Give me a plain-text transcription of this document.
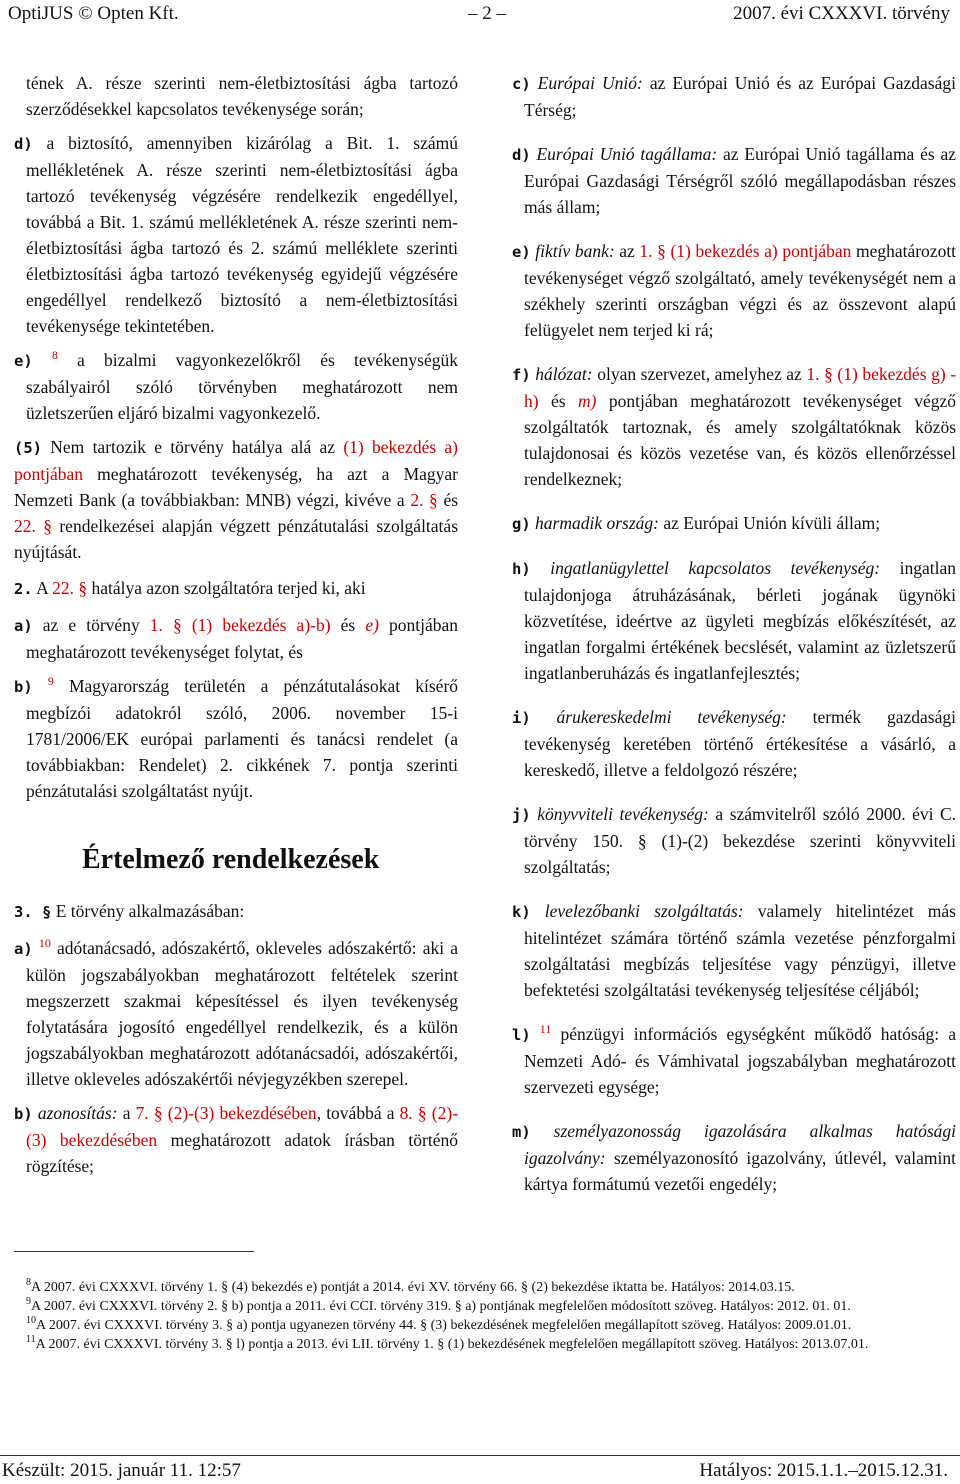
OptiJUS © Opten Kft.	– 2 –	2007. évi CXXXVI. törvény
tének A. része szerinti nem-életbiztosítási ágba tartozó szerződésekkel kapcsolatos tevékenysége során;
d) a biztosító, amennyiben kizárólag a Bit. 1. számú mellékletének A. része szerinti nem-életbiztosítási ágba tartozó tevékenység végzésére rendelkezik engedéllyel, továbbá a Bit. 1. számú mellékletének A. része szerinti nem-életbiztosítási ágba tartozó és 2. számú melléklete szerinti életbiztosítási ágba tartozó tevékenység egyidejű végzésére engedéllyel rendelkező biztosító a nem-életbiztosítási tevékenysége tekintetében.
e) $^8$ a bizalmi vagyonkezelőkről és tevékenységük szabályairól szóló törvényben meghatározott nem üzletszerűen eljáró bizalmi vagyonkezelő.
(5) Nem tartozik e törvény hatálya alá az (1) bekezdés a) pontjában meghatározott tevékenység, ha azt a Magyar Nemzeti Bank (a továbbiakban: MNB) végzi, kivéve a 2. § és 22. § rendelkezései alapján végzett pénzátutalási szolgáltatás nyújtását.
2. A 22. § hatálya azon szolgáltatóra terjed ki, aki
a) az e törvény 1. § (1) bekezdés a)-b) és e) pontjában meghatározott tevékenységet folytat, és
b) $^9$ Magyarország területén a pénzátutalásokat kísérő megbízói adatokról szóló, 2006. november 15-i 1781/2006/EK európai parlamenti és tanácsi rendelet (a továbbiakban: Rendelet) 2. cikkének 7. pontja szerinti pénzátutalási szolgáltatást nyújt.
Értelmező rendelkezések
3. § E törvény alkalmazásában:
a) $^{10}$ adótanácsadó, adószakértő, okleveles adószakértő: aki a külön jogszabályokban meghatározott feltételek szerint megszerzett szakmai képesítéssel és ilyen tevékenység folytatására jogosító engedéllyel rendelkezik, és a külön jogszabályokban meghatározott adótanácsadói, adószakértői, illetve okleveles adószakértői névjegyzékben szerepel.
b) azonosítás: a 7. § (2)-(3) bekezdésében, továbbá a 8. § (2)-(3) bekezdésében meghatározott adatok írásban történő rögzítése;
c) Európai Unió: az Európai Unió és az Európai Gazdasági Térség;
d) Európai Unió tagállama: az Európai Unió tagállama és az Európai Gazdasági Térségről szóló megállapodásban részes más állam;
e) fiktív bank: az 1. § (1) bekezdés a) pontjában meghatározott tevékenységet végző szolgáltató, amely tevékenységét nem a székhely szerinti országban végzi és az összevont alapú felügyelet nem terjed ki rá;
f) hálózat: olyan szervezet, amelyhez az 1. § (1) bekezdés g) -h) és m) pontjában meghatározott tevékenységet végző szolgáltatók tartoznak, és amely szolgáltatóknak közös tulajdonosai és közös vezetése van, és közös ellenőrzéssel rendelkeznek;
g) harmadik ország: az Európai Unión kívüli állam;
h) ingatlanügylettel kapcsolatos tevékenység: ingatlan tulajdonjoga átruházásának, bérleti jogának ügynöki közvetítése, ideértve az ügyleti megbízás előkészítését, az ingatlan forgalmi értékének becslését, valamint az üzletszerű ingatlanberuházás és ingatlanfejlesztés;
i) árukereskedelmi tevékenység: termék gazdasági tevékenység keretében történő értékesítése a vásárló, a kereskedő, illetve a feldolgozó részére;
j) könyvviteli tevékenység: a számvitelről szóló 2000. évi C. törvény 150. § (1)-(2) bekezdése szerinti könyvviteli szolgáltatás;
k) levelezőbanki szolgáltatás: valamely hitelintézet más hitelintézet számára történő számla vezetése pénzforgalmi szolgáltatási megbízás teljesítése vagy pénzügyi, illetve befektetési szolgáltatási tevékenység teljesítése céljából;
l) $^{11}$ pénzügyi információs egységként működő hatóság: a Nemzeti Adó- és Vámhivatal jogszabályban meghatározott szervezeti egysége;
m) személyazonosság igazolására alkalmas hatósági igazolvány: személyazonosító igazolvány, útlevél, valamint kártya formátumú vezetői engedély;

$^8$A 2007. évi CXXXVI. törvény 1. § (4) bekezdés e) pontját a 2014. évi XV. törvény 66. § (2) bekezdése iktatta be. Hatályos: 2014.03.15.

$^9$A 2007. évi CXXXVI. törvény 2. § b) pontja a 2011. évi CCI. törvény 319. § a) pontjának megfelelően módosított szöveg. Hatályos: 2012. 01. 01.

$^{10}$A 2007. évi CXXXVI. törvény 3. § a) pontja ugyanezen törvény 44. § (3) bekezdésének megfelelően megállapított szöveg. Hatályos: 2009.01.01.

$^{11}$A 2007. évi CXXXVI. törvény 3. § l) pontja a 2013. évi LII. törvény 1. § (1) bekezdésének megfelelően megállapított szöveg. Hatályos: 2013.07.01.

Készült: 2015. január 11. 12:57	Hatályos: 2015.1.1.–2015.12.31.
